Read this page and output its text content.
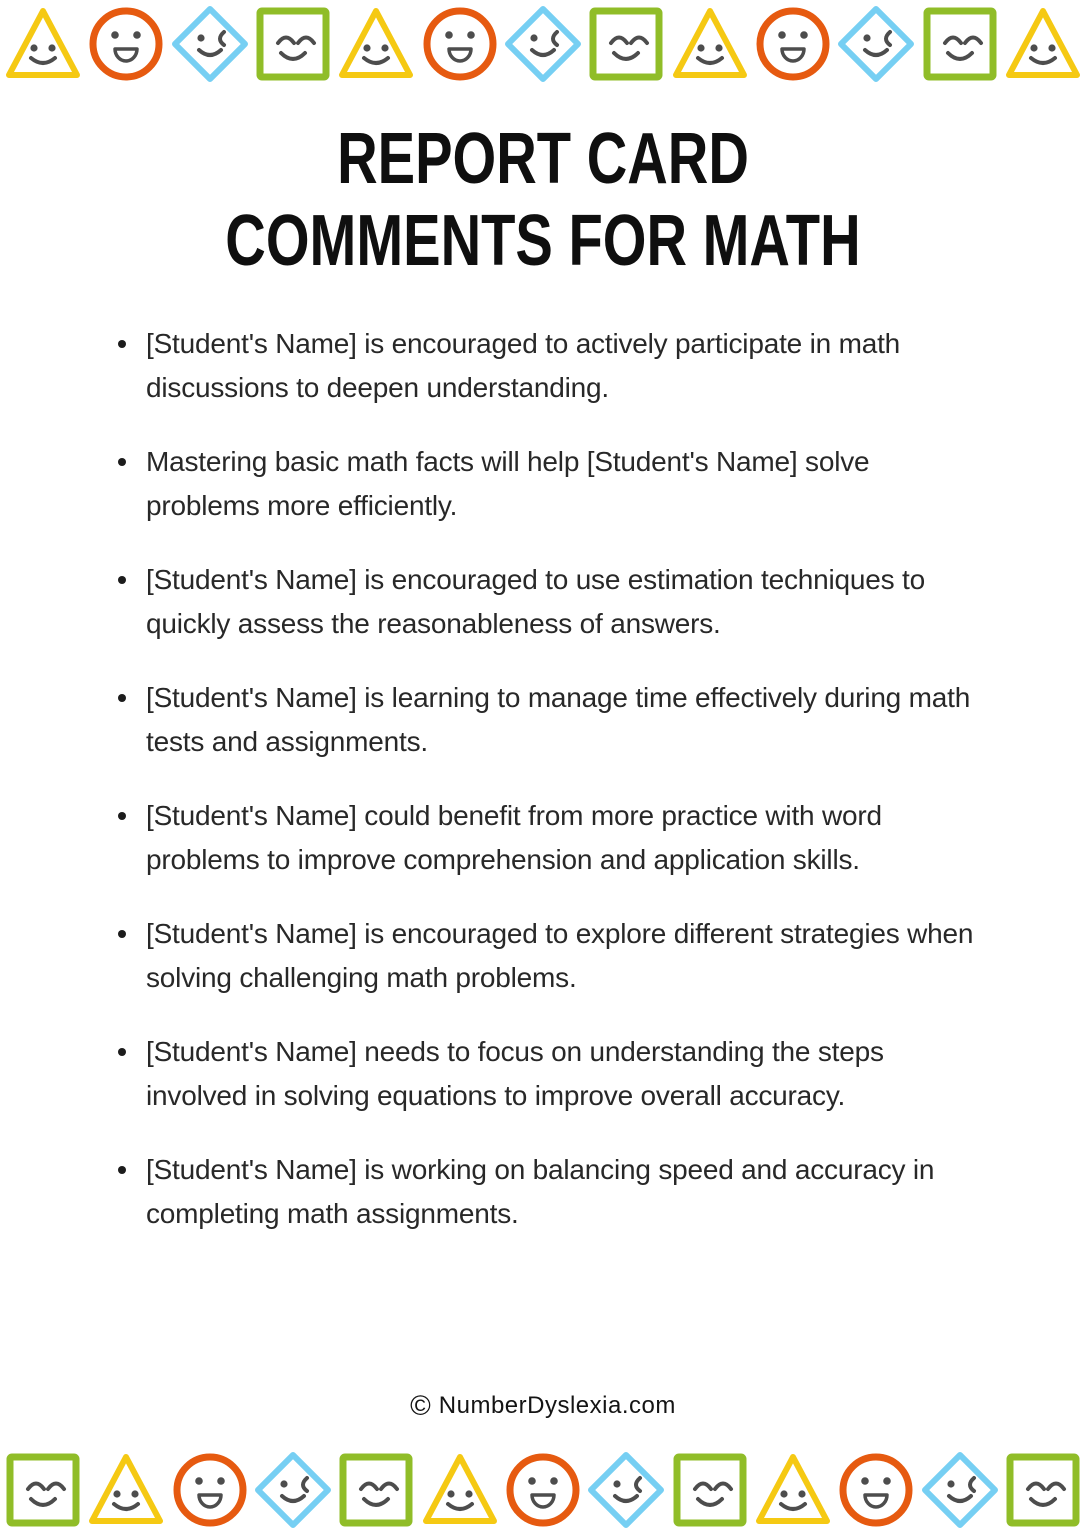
REPORT CARD
COMMENTS FOR MATH
[Student's Name] is encouraged to actively participate in math discussions to deepen understanding.
Mastering basic math facts will help [Student's Name] solve problems more efficiently.
[Student's Name] is encouraged to use estimation techniques to quickly assess the reasonableness of answers.
[Student's Name] is learning to manage time effectively during math tests and assignments.
[Student's Name] could benefit from more practice with word problems to improve comprehension and application skills.
[Student's Name] is encouraged to explore different strategies when solving challenging math problems.
[Student's Name] needs to focus on understanding the steps involved in solving equations to improve overall accuracy.
[Student's Name] is working on balancing speed and accuracy in completing math assignments.
© NumberDyslexia.com
